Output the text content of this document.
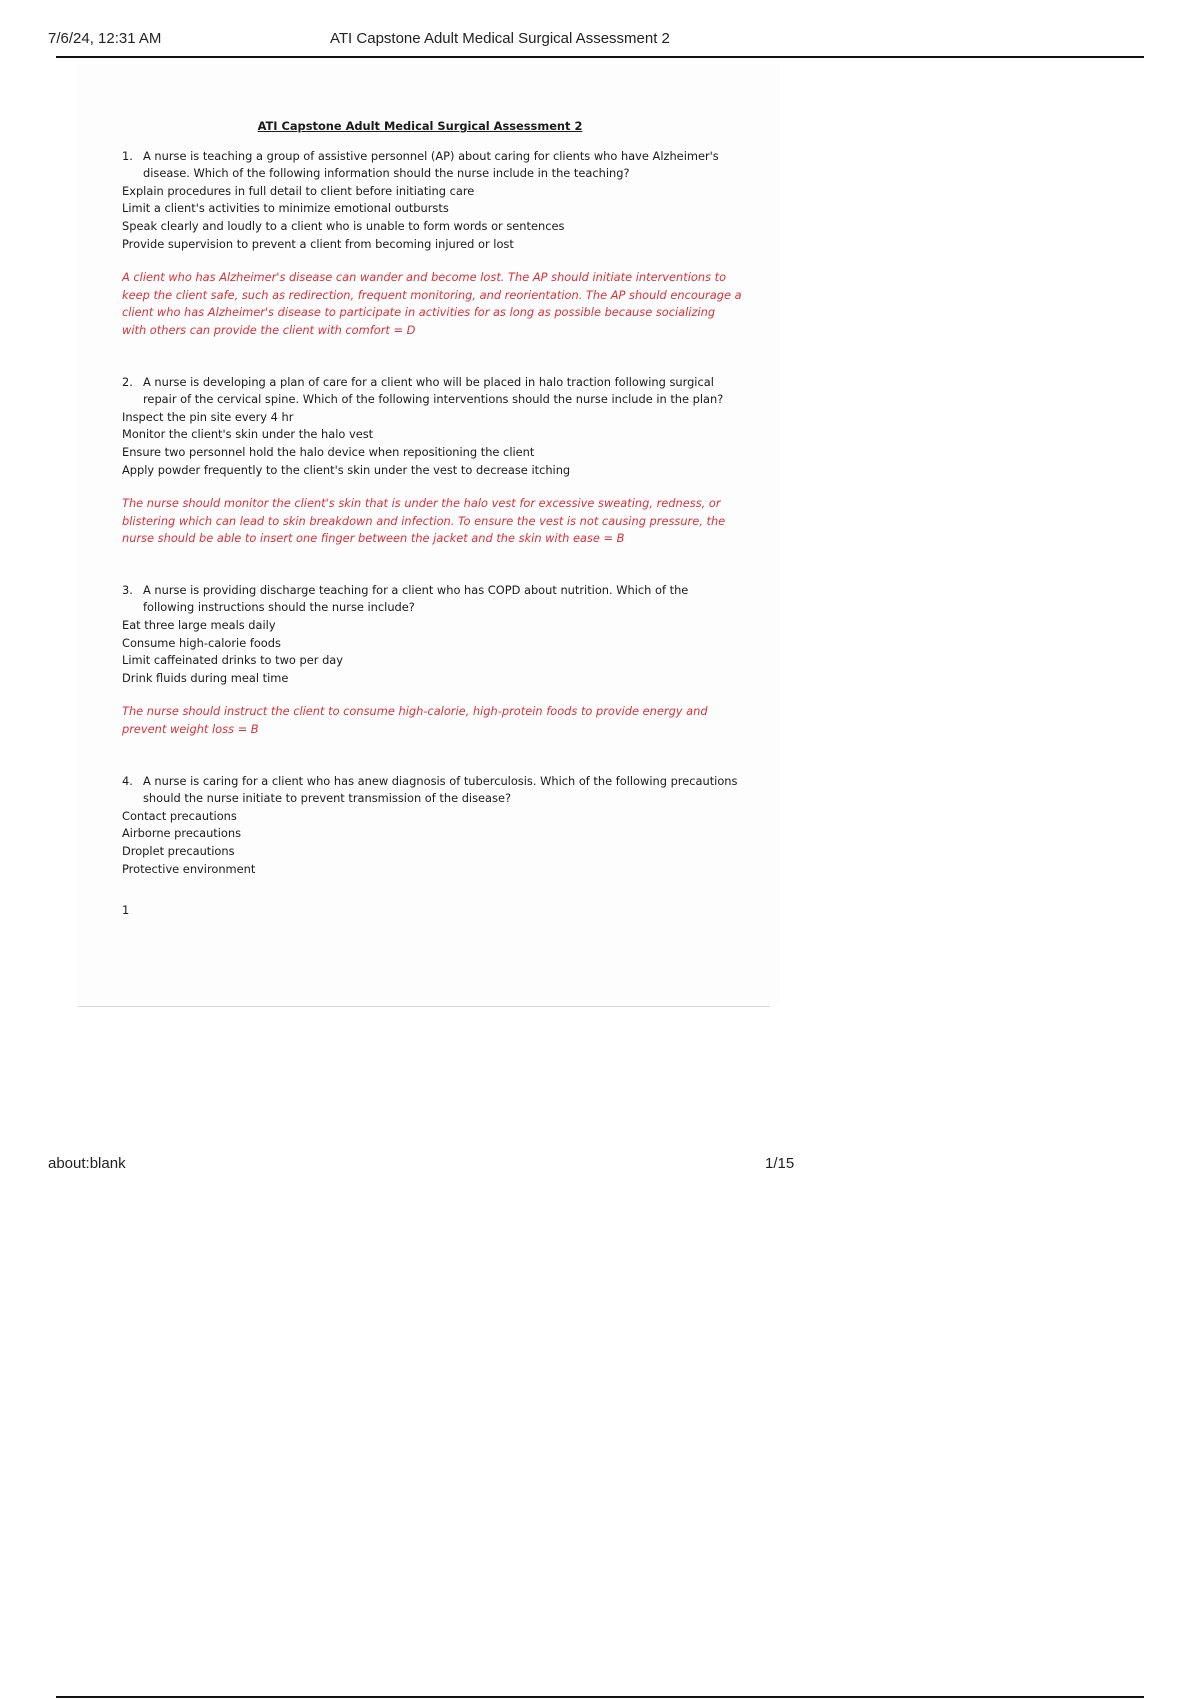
7/6/24, 12:31 AM	ATI Capstone Adult Medical Surgical Assessment 2
ATI Capstone Adult Medical Surgical Assessment 2
1. A nurse is teaching a group of assistive personnel (AP) about caring for clients who have Alzheimer's disease. Which of the following information should the nurse include in the teaching?
Explain procedures in full detail to client before initiating care
Limit a client's activities to minimize emotional outbursts
Speak clearly and loudly to a client who is unable to form words or sentences
Provide supervision to prevent a client from becoming injured or lost
A client who has Alzheimer's disease can wander and become lost. The AP should initiate interventions to keep the client safe, such as redirection, frequent monitoring, and reorientation. The AP should encourage a client who has Alzheimer's disease to participate in activities for as long as possible because socializing with others can provide the client with comfort = D
2. A nurse is developing a plan of care for a client who will be placed in halo traction following surgical repair of the cervical spine. Which of the following interventions should the nurse include in the plan?
Inspect the pin site every 4 hr
Monitor the client's skin under the halo vest
Ensure two personnel hold the halo device when repositioning the client
Apply powder frequently to the client's skin under the vest to decrease itching
The nurse should monitor the client's skin that is under the halo vest for excessive sweating, redness, or blistering which can lead to skin breakdown and infection. To ensure the vest is not causing pressure, the nurse should be able to insert one finger between the jacket and the skin with ease = B
3. A nurse is providing discharge teaching for a client who has COPD about nutrition. Which of the following instructions should the nurse include?
Eat three large meals daily
Consume high-calorie foods
Limit caffeinated drinks to two per day
Drink fluids during meal time
The nurse should instruct the client to consume high-calorie, high-protein foods to provide energy and prevent weight loss = B
4. A nurse is caring for a client who has anew diagnosis of tuberculosis. Which of the following precautions should the nurse initiate to prevent transmission of the disease?
Contact precautions
Airborne precautions
Droplet precautions
Protective environment
1
about:blank	1/15
